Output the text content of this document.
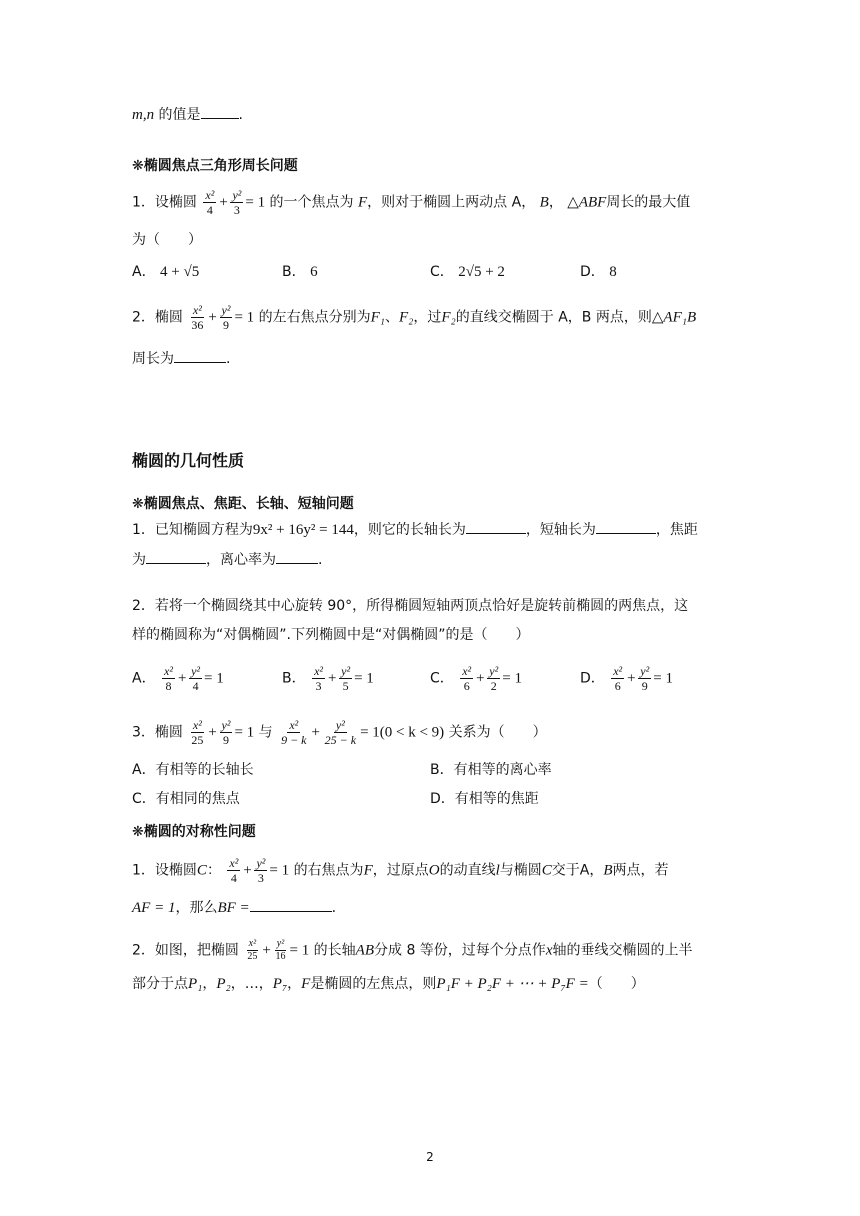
m,n 的值是	.
❋椭圆焦点三角形周长问题
1．设椭圆 $\frac{\text{x²}}{4} + \frac{\text{y²}}{3} = 1$ 的一个焦点为 F，则对于椭圆上两动点 A， B， △ABF周长的最大值
为（　　）
A． 4 + √5	B． 6	C． 2√5 + 2	D． 8
2．椭圆 $\frac{\text{x²}}{36} + \frac{\text{y²}}{9} = 1$ 的左右焦点分别为F₁、F₂，过F₂的直线交椭圆于 A，B 两点，则△AF₁B
周长为	.
椭圆的几何性质
❋椭圆焦点、焦距、长轴、短轴问题
1．已知椭圆方程为9x² + 16y² = 144，则它的长轴长为	，短轴长为	，焦距
为	，离心率为	.
2．若将一个椭圆绕其中心旋转 90°，所得椭圆短轴两顶点恰好是旋转前椭圆的两焦点，这
样的椭圆称为“对偶椭圆”.下列椭圆中是“对偶椭圆”的是（　　）
A． $\frac{\text{x²}}{8} + \frac{\text{y²}}{4} = 1$	B． $\frac{\text{x²}}{3} + \frac{\text{y²}}{5} = 1$	C． $\frac{\text{x²}}{6} + \frac{\text{y²}}{2} = 1$	D． $\frac{\text{x²}}{6} + \frac{\text{y²}}{9} = 1$
3．椭圆 $\frac{\text{x²}}{25} + \frac{\text{y²}}{9} = 1$ 与 $\frac{\text{x²}}{9 - k} + \frac{\text{y²}}{25 - k} = 1(0 < k < 9)$ 关系为（　　）
A．有相等的长轴长	B．有相等的离心率
C．有相同的焦点	D．有相等的焦距
❋椭圆的对称性问题
1．设椭圆C： $\frac{\text{x²}}{4} + \frac{\text{y²}}{3} = 1$ 的右焦点为F，过原点O的动直线l与椭圆C交于A，B两点，若
AF = 1，那么BF =	.
2．如图，把椭圆 $\frac{\text{x²}}{25} + \frac{\text{y²}}{16} = 1$ 的长轴AB分成 8 等份，过每个分点作x轴的垂线交椭圆的上半
部分于点P₁，P₂，…，P₇，F是椭圆的左焦点，则P₁F + P₂F + ⋯ + P₇F =（　　）
2
